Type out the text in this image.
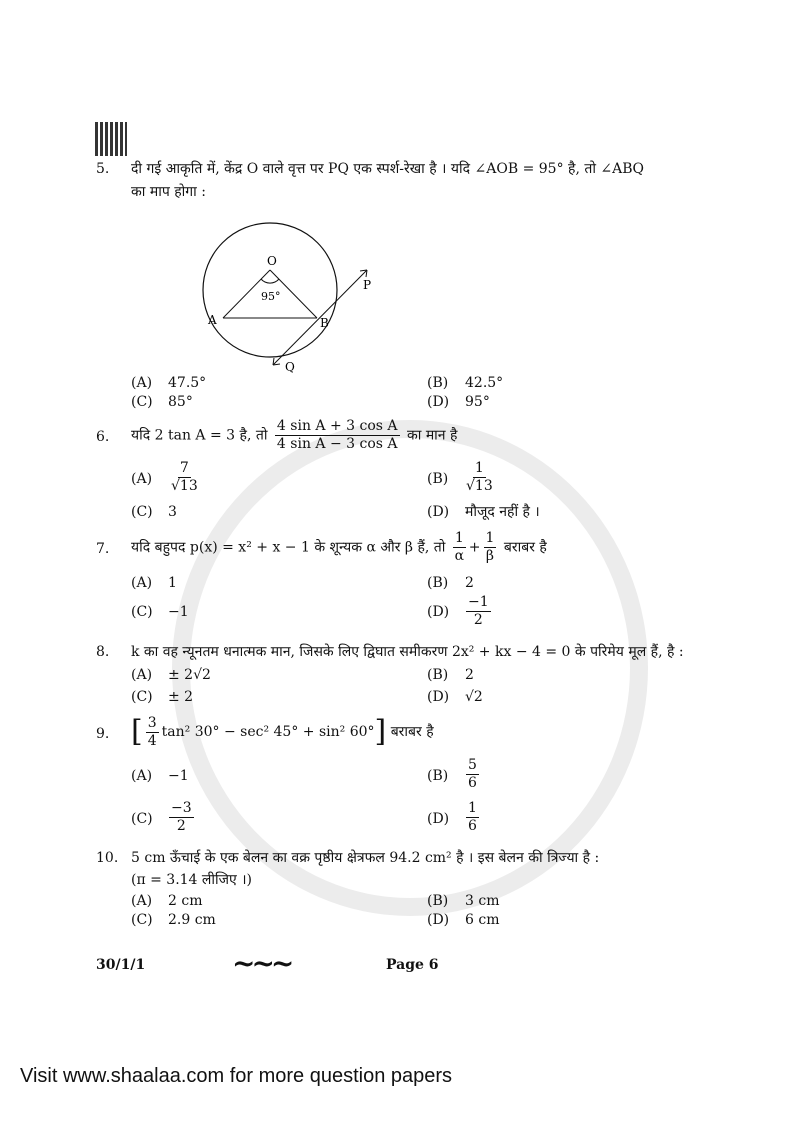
5. दी गई आकृति में, केंद्र O वाले वृत्त पर PQ एक स्पर्श-रेखा है । यदि ∠AOB = 95° है, तो ∠ABQ
का माप होगा :
O
A	B
P
Q
95°
(A) 47.5°	(B) 42.5°
(C) 85°	(D) 95°
6. यदि 2 tan A = 3 है, तो $\frac{\text{4 sin A + 3 cos A}}{\text{4 sin A − 3 cos A}}$ का मान है
$(A) \frac{7}{√13}$	$(B) \frac{1}{√13}$
(C) 3	(D) मौजूद नहीं है ।
7. यदि बहुपद p(x) = x² + x − 1 के शून्यक α और β हैं, तो $\frac{1}{\alpha} + \frac{1}{\beta}$ बराबर है
(A) 1	(B) 2
(C) −1	$(D) \frac{-1}{2}$
8. k का वह न्यूनतम धनात्मक मान, जिसके लिए द्विघात समीकरण 2x² + kx − 4 = 0 के परिमेय मूल हैं, है :
(A) ± 2√2	(B) 2
(C) ± 2	(D) √2
9. [ $\frac{3}{4} \tan^2$ 30° − sec² 45° + sin² 60°] बराबर है
(A) −1	$(B) \frac{5}{6}$
$(C) \frac{-3}{2}$	$(D) \frac{1}{6}$
10. 5 cm ऊँचाई के एक बेलन का वक्र पृष्ठीय क्षेत्रफल 94.2 cm² है । इस बेलन की त्रिज्या है :
(π = 3.14 लीजिए ।)
(A) 2 cm	(B) 3 cm
(C) 2.9 cm	(D) 6 cm
30/1/1	~~~	Page 6
Visit www.shaalaa.com for more question papers
